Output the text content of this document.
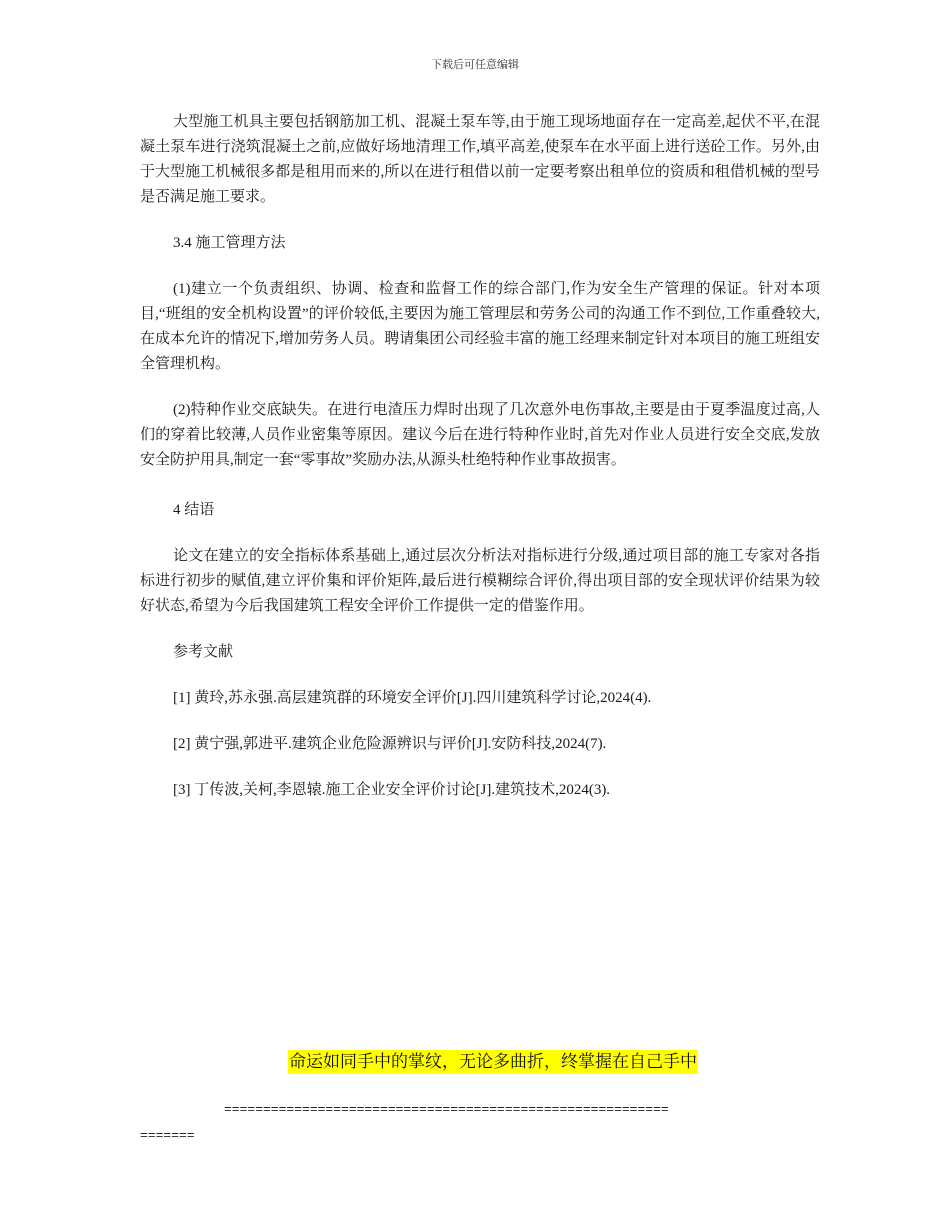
下载后可任意编辑

大型施工机具主要包括钢筋加工机、混凝土泵车等,由于施工现场地面存在一定高差,起伏不平,在混凝土泵车进行浇筑混凝土之前,应做好场地清理工作,填平高差,使泵车在水平面上进行送砼工作。另外,由于大型施工机械很多都是租用而来的,所以在进行租借以前一定要考察出租单位的资质和租借机械的型号是否满足施工要求。

3.4 施工管理方法

(1)建立一个负责组织、协调、检查和监督工作的综合部门,作为安全生产管理的保证。针对本项目,“班组的安全机构设置”的评价较低,主要因为施工管理层和劳务公司的沟通工作不到位,工作重叠较大,在成本允许的情况下,增加劳务人员。聘请集团公司经验丰富的施工经理来制定针对本项目的施工班组安全管理机构。

(2)特种作业交底缺失。在进行电渣压力焊时出现了几次意外电伤事故,主要是由于夏季温度过高,人们的穿着比较薄,人员作业密集等原因。建议今后在进行特种作业时,首先对作业人员进行安全交底,发放安全防护用具,制定一套“零事故”奖励办法,从源头杜绝特种作业事故损害。

4 结语

论文在建立的安全指标体系基础上,通过层次分析法对指标进行分级,通过项目部的施工专家对各指标进行初步的赋值,建立评价集和评价矩阵,最后进行模糊综合评价,得出项目部的安全现状评价结果为较好状态,希望为今后我国建筑工程安全评价工作提供一定的借鉴作用。

参考文献

[1] 黄玲,苏永强.高层建筑群的环境安全评价[J].四川建筑科学讨论,2024(4).

[2] 黄宁强,郭进平.建筑企业危险源辨识与评价[J].安防科技,2024(7).

[3] 丁传波,关柯,李恩辕.施工企业安全评价讨论[J].建筑技术,2024(3).

命运如同手中的掌纹，无论多曲折，终掌握在自己手中
=========================================================
=======
